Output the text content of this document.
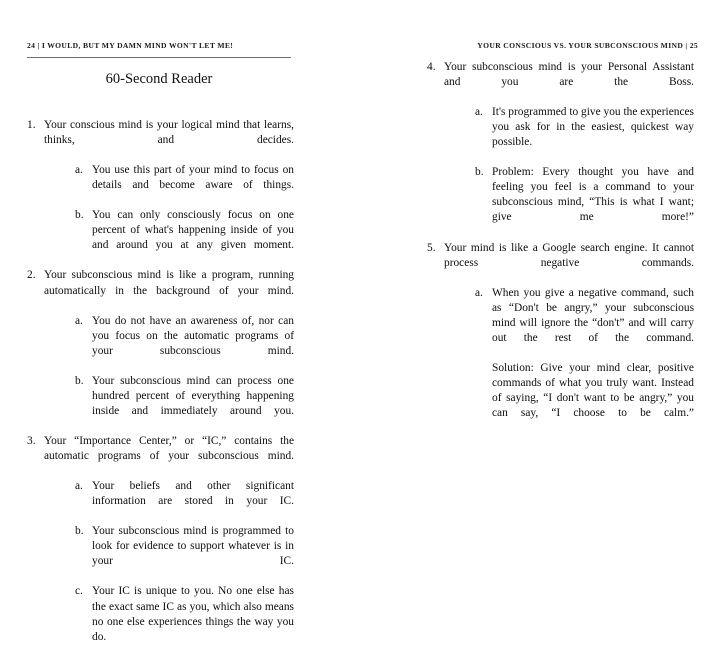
24 | I WOULD, BUT MY DAMN MIND WON'T LET ME!	YOUR CONSCIOUS VS. YOUR SUBCONSCIOUS MIND | 25
60-Second Reader
1. Your conscious mind is your logical mind that learns, thinks, and decides.
a. You use this part of your mind to focus on details and become aware of things.
b. You can only consciously focus on one percent of what's happening inside of you and around you at any given moment.
2. Your subconscious mind is like a program, running automatically in the background of your mind.
a. You do not have an awareness of, nor can you focus on the automatic programs of your subconscious mind.
b. Your subconscious mind can process one hundred percent of everything happening inside and immediately around you.
3. Your “Importance Center,” or “IC,” contains the automatic programs of your subconscious mind.
a. Your beliefs and other significant information are stored in your IC.
b. Your subconscious mind is programmed to look for evidence to support whatever is in your IC.
c. Your IC is unique to you. No one else has the exact same IC as you, which also means no one else experiences things the way you do.
4. Your subconscious mind is your Personal Assistant and you are the Boss.
a. It's programmed to give you the experiences you ask for in the easiest, quickest way possible.
b. Problem: Every thought you have and feeling you feel is a command to your subconscious mind, “This is what I want; give me more!”
5. Your mind is like a Google search engine. It cannot process negative commands.
a. When you give a negative command, such as “Don't be angry,” your subconscious mind will ignore the “don't” and will carry out the rest of the command.
Solution: Give your mind clear, positive commands of what you truly want. Instead of saying, “I don't want to be angry,” you can say, “I choose to be calm.”
